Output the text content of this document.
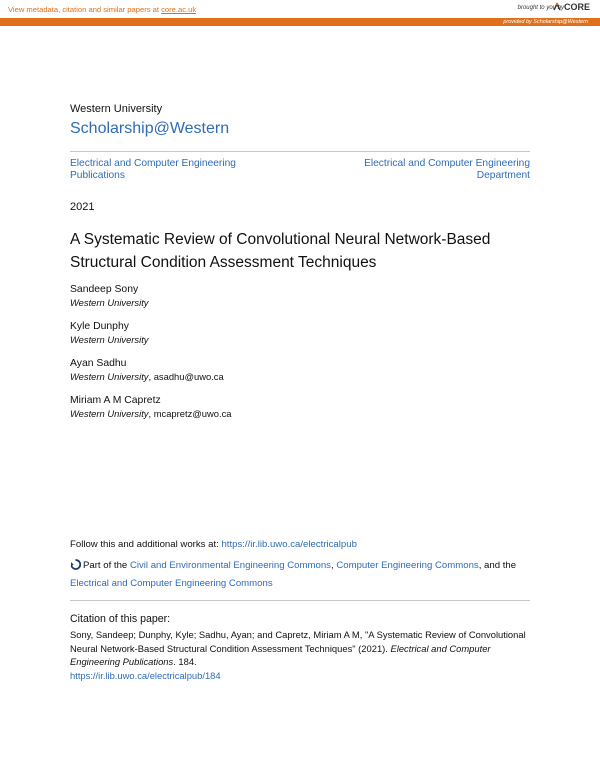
View metadata, citation and similar papers at core.ac.uk	brought to you by CORE
provided by Scholarship@Western
Western University
Scholarship@Western
Electrical and Computer Engineering Publications
Electrical and Computer Engineering Department
2021
A Systematic Review of Convolutional Neural Network-Based Structural Condition Assessment Techniques
Sandeep Sony
Western University
Kyle Dunphy
Western University
Ayan Sadhu
Western University, asadhu@uwo.ca
Miriam A M Capretz
Western University, mcapretz@uwo.ca
Follow this and additional works at: https://ir.lib.uwo.ca/electricalpub
Part of the Civil and Environmental Engineering Commons, Computer Engineering Commons, and the
Electrical and Computer Engineering Commons
Citation of this paper:
Sony, Sandeep; Dunphy, Kyle; Sadhu, Ayan; and Capretz, Miriam A M, "A Systematic Review of Convolutional Neural Network-Based Structural Condition Assessment Techniques" (2021). Electrical and Computer Engineering Publications. 184.
https://ir.lib.uwo.ca/electricalpub/184
